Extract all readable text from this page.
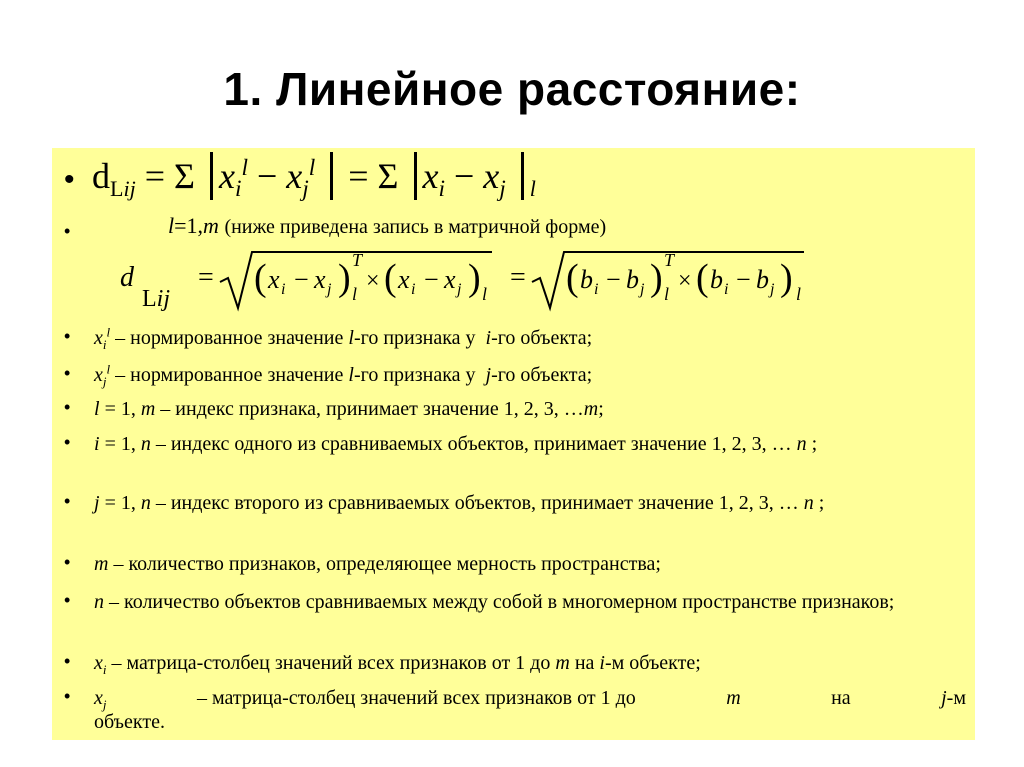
1. Линейное расстояние:
• $d_{Lij} = \Sigma$ $x_i^l - x_j^l = \Sigma$ $x_i - x_j$ $_l$
•	l=1,m (ниже приведена запись в матричной форме)
d
Lij
= ( x i − x j ) T
l × ( x i − x j ) l
= ( b i − b j ) T
l × ( b i − b j ) l
• $x_i^l$ – нормированное значение l-го признака у i-го объекта;
• $x_j^l$ – нормированное значение l-го признака у j-го объекта;
• l = 1, m – индекс признака, принимает значение 1, 2, 3, …m;
• i = 1, n – индекс одного из сравниваемых объектов, принимает значение 1, 2, 3, … n ;
• j = 1, n – индекс второго из сравниваемых объектов, принимает значение 1, 2, 3, … n ;
• m – количество признаков, определяющее мерность пространства;
• n – количество объектов сравниваемых между собой в многомерном пространстве признаков;
• $x_i$ – матрица-столбец значений всех признаков от 1 до m на i-м объекте;
• $x_j$	– матрица-столбец значений всех признаков от 1 до	m	на	j-м
объекте.
